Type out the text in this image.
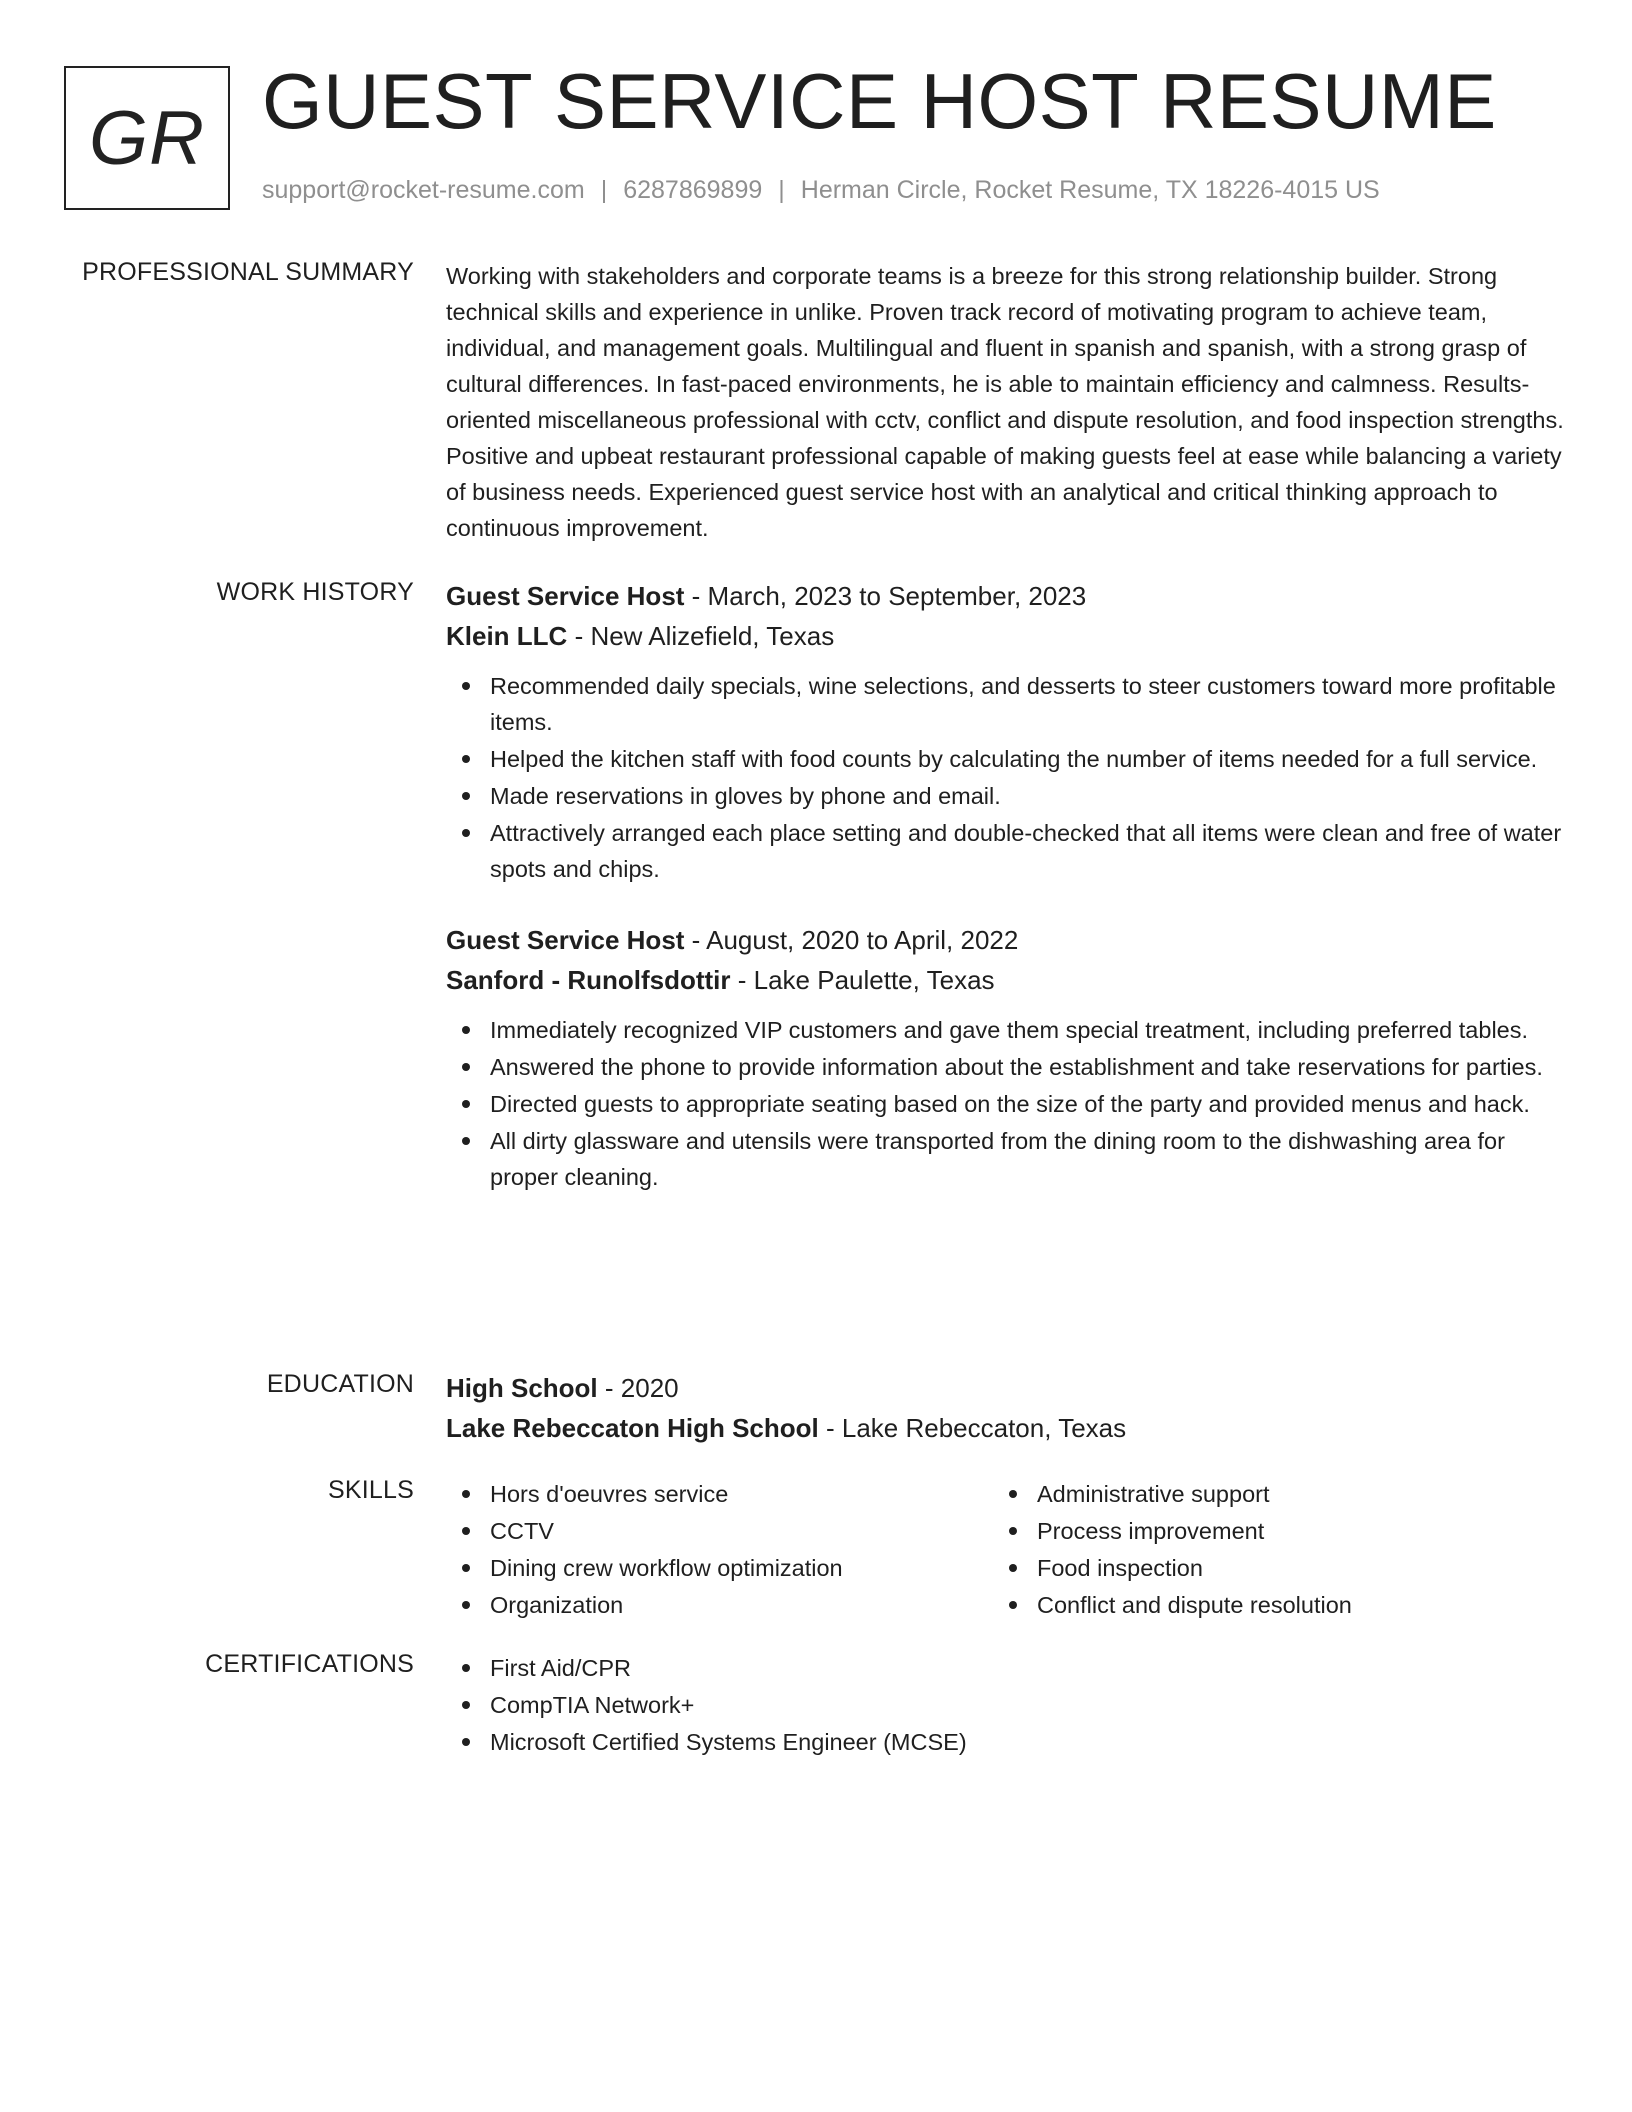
GR GUEST SERVICE HOST RESUME
support@rocket-resume.com | 6287869899 | Herman Circle, Rocket Resume, TX 18226-4015 US
PROFESSIONAL SUMMARY Working with stakeholders and corporate teams is a breeze for this strong relationship builder. Strong technical skills and experience in unlike. Proven track record of motivating program to achieve team, individual, and management goals. Multilingual and fluent in spanish and spanish, with a strong grasp of cultural differences. In fast-paced environments, he is able to maintain efficiency and calmness. Results-oriented miscellaneous professional with cctv, conflict and dispute resolution, and food inspection strengths. Positive and upbeat restaurant professional capable of making guests feel at ease while balancing a variety of business needs. Experienced guest service host with an analytical and critical thinking approach to continuous improvement.

WORK HISTORY Guest Service Host - March, 2023 to September, 2023
Klein LLC - New Alizefield, Texas
Recommended daily specials, wine selections, and desserts to steer customers toward more profitable items.
Helped the kitchen staff with food counts by calculating the number of items needed for a full service.
Made reservations in gloves by phone and email.
Attractively arranged each place setting and double-checked that all items were clean and free of water spots and chips.
Guest Service Host - August, 2020 to April, 2022
Sanford - Runolfsdottir - Lake Paulette, Texas
Immediately recognized VIP customers and gave them special treatment, including preferred tables.
Answered the phone to provide information about the establishment and take reservations for parties.
Directed guests to appropriate seating based on the size of the party and provided menus and hack.
All dirty glassware and utensils were transported from the dining room to the dishwashing area for proper cleaning.
EDUCATION High School - 2020
Lake Rebeccaton High School - Lake Rebeccaton, Texas
SKILLS	Hors d'oeuvres service
CCTV
Dining crew workflow optimization
Organization
Administrative support
Process improvement
Food inspection
Conflict and dispute resolution
CERTIFICATIONS	First Aid/CPR
CompTIA Network+
Microsoft Certified Systems Engineer (MCSE)
